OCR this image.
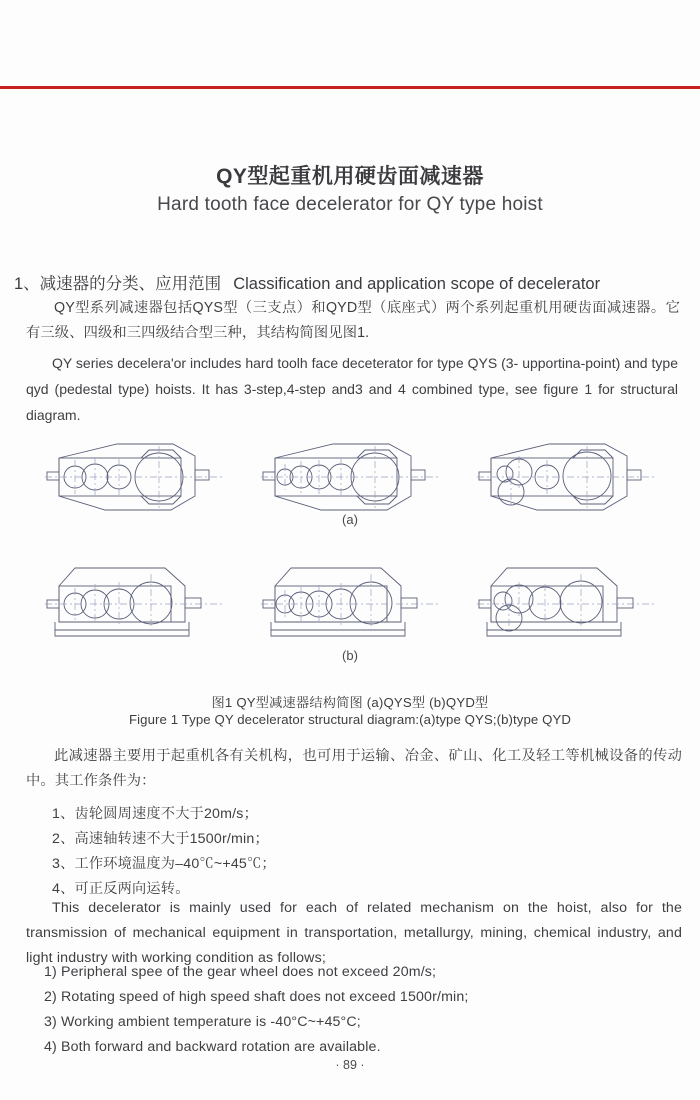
QY型起重机用硬齿面减速器
Hard tooth face decelerator for QY type hoist
1、减速器的分类、应用范围 Classification and application scope of decelerator
QY型系列减速器包括QYS型（三支点）和QYD型（底座式）两个系列起重机用硬齿面减速器。它有三级、四级和三四级结合型三种，其结构简图见图1.
QY series decelera'or includes hard toolh face deceterator for type QYS (3- upportina-point) and type qyd (pedestal type) hoists. It has 3-step,4-step and3 and 4 combined type, see figure 1 for structural diagram.
(a)
(b)
图1 QY型减速器结构简图 (a)QYS型 (b)QYD型
Figure 1 Type QY decelerator structural diagram:(a)type QYS;(b)type QYD
此减速器主要用于起重机各有关机构，也可用于运输、冶金、矿山、化工及轻工等机械设备的传动中。其工作条件为：
1、齿轮圆周速度不大于20m/s；
2、高速轴转速不大于1500r/min；
3、工作环境温度为–40℃~+45℃；
4、可正反两向运转。
This decelerator is mainly used for each of related mechanism on the hoist, also for the transmission of mechanical equipment in transportation, metallurgy, mining, chemical industry, and light industry with working condition as follows;
1) Peripheral spee of the gear wheel does not exceed 20m/s;
2) Rotating speed of high speed shaft does not exceed 1500r/min;
3) Working ambient temperature is -40°C~+45°C;
4) Both forward and backward rotation are available.
· 89 ·
